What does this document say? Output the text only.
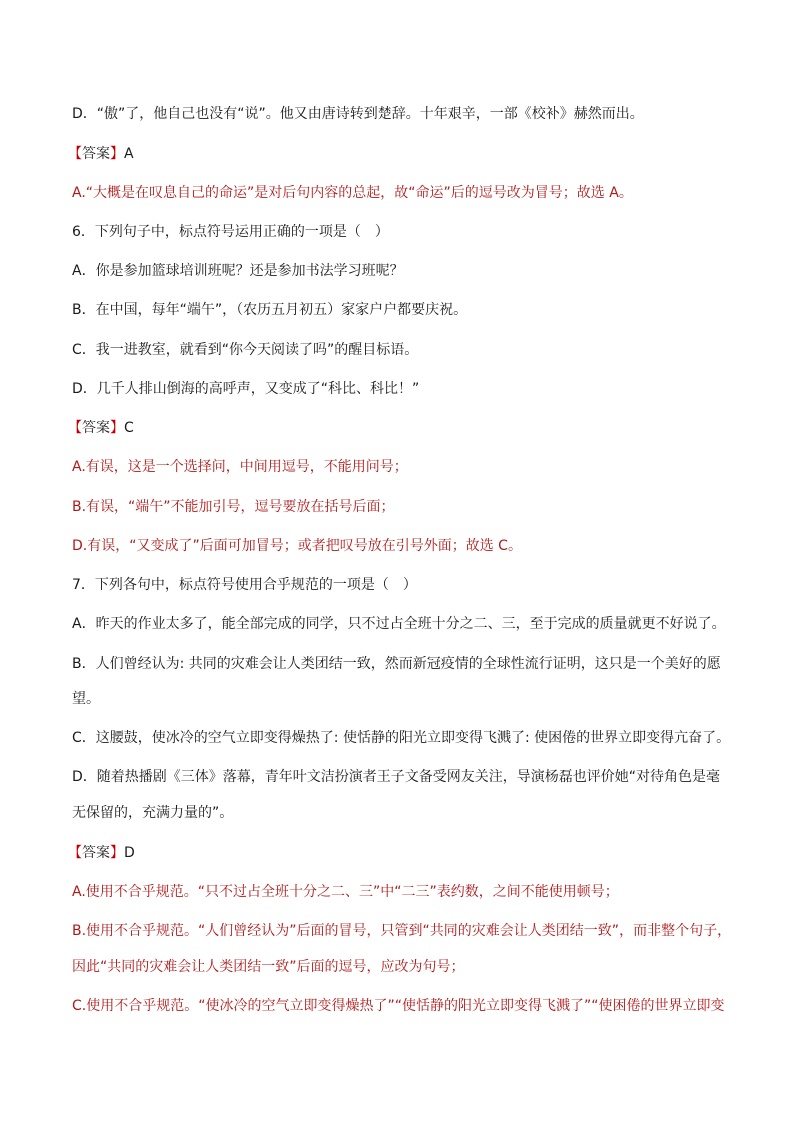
D．“傲”了，他自己也没有“说”。他又由唐诗转到楚辞。十年艰辛，一部《校补》赫然而出。
【答案】A
A.“大概是在叹息自己的命运”是对后句内容的总起，故“命运”后的逗号改为冒号；故选 A。
6．下列句子中，标点符号运用正确的一项是（　）
A．你是参加篮球培训班呢？还是参加书法学习班呢？
B．在中国，每年“端午”，（农历五月初五）家家户户都要庆祝。
C．我一进教室，就看到“你今天阅读了吗”的醒目标语。
D．几千人排山倒海的高呼声，又变成了“科比、科比！”
【答案】C
A.有误，这是一个选择问，中间用逗号，不能用问号；
B.有误，“端午”不能加引号，逗号要放在括号后面；
D.有误，“又变成了”后面可加冒号；或者把叹号放在引号外面；故选 C。
7．下列各句中，标点符号使用合乎规范的一项是（　）
A．昨天的作业太多了，能全部完成的同学，只不过占全班十分之二、三，至于完成的质量就更不好说了。
B．人们曾经认为: 共同的灾难会让人类团结一致，然而新冠疫情的全球性流行证明，这只是一个美好的愿
望。
C．这腰鼓，使冰冷的空气立即变得燥热了: 使恬静的阳光立即变得飞溅了: 使困倦的世界立即变得亢奋了。
D．随着热播剧《三体》落幕，青年叶文洁扮演者王子文备受网友关注，导演杨磊也评价她“对待角色是毫
无保留的，充满力量的”。
【答案】D
A.使用不合乎规范。“只不过占全班十分之二、三”中“二三”表约数，之间不能使用顿号；
B.使用不合乎规范。“人们曾经认为”后面的冒号，只管到“共同的灾难会让人类团结一致”，而非整个句子，
因此“共同的灾难会让人类团结一致”后面的逗号，应改为句号；
C.使用不合乎规范。“使冰冷的空气立即变得燥热了”“使恬静的阳光立即变得飞溅了”“使困倦的世界立即变
